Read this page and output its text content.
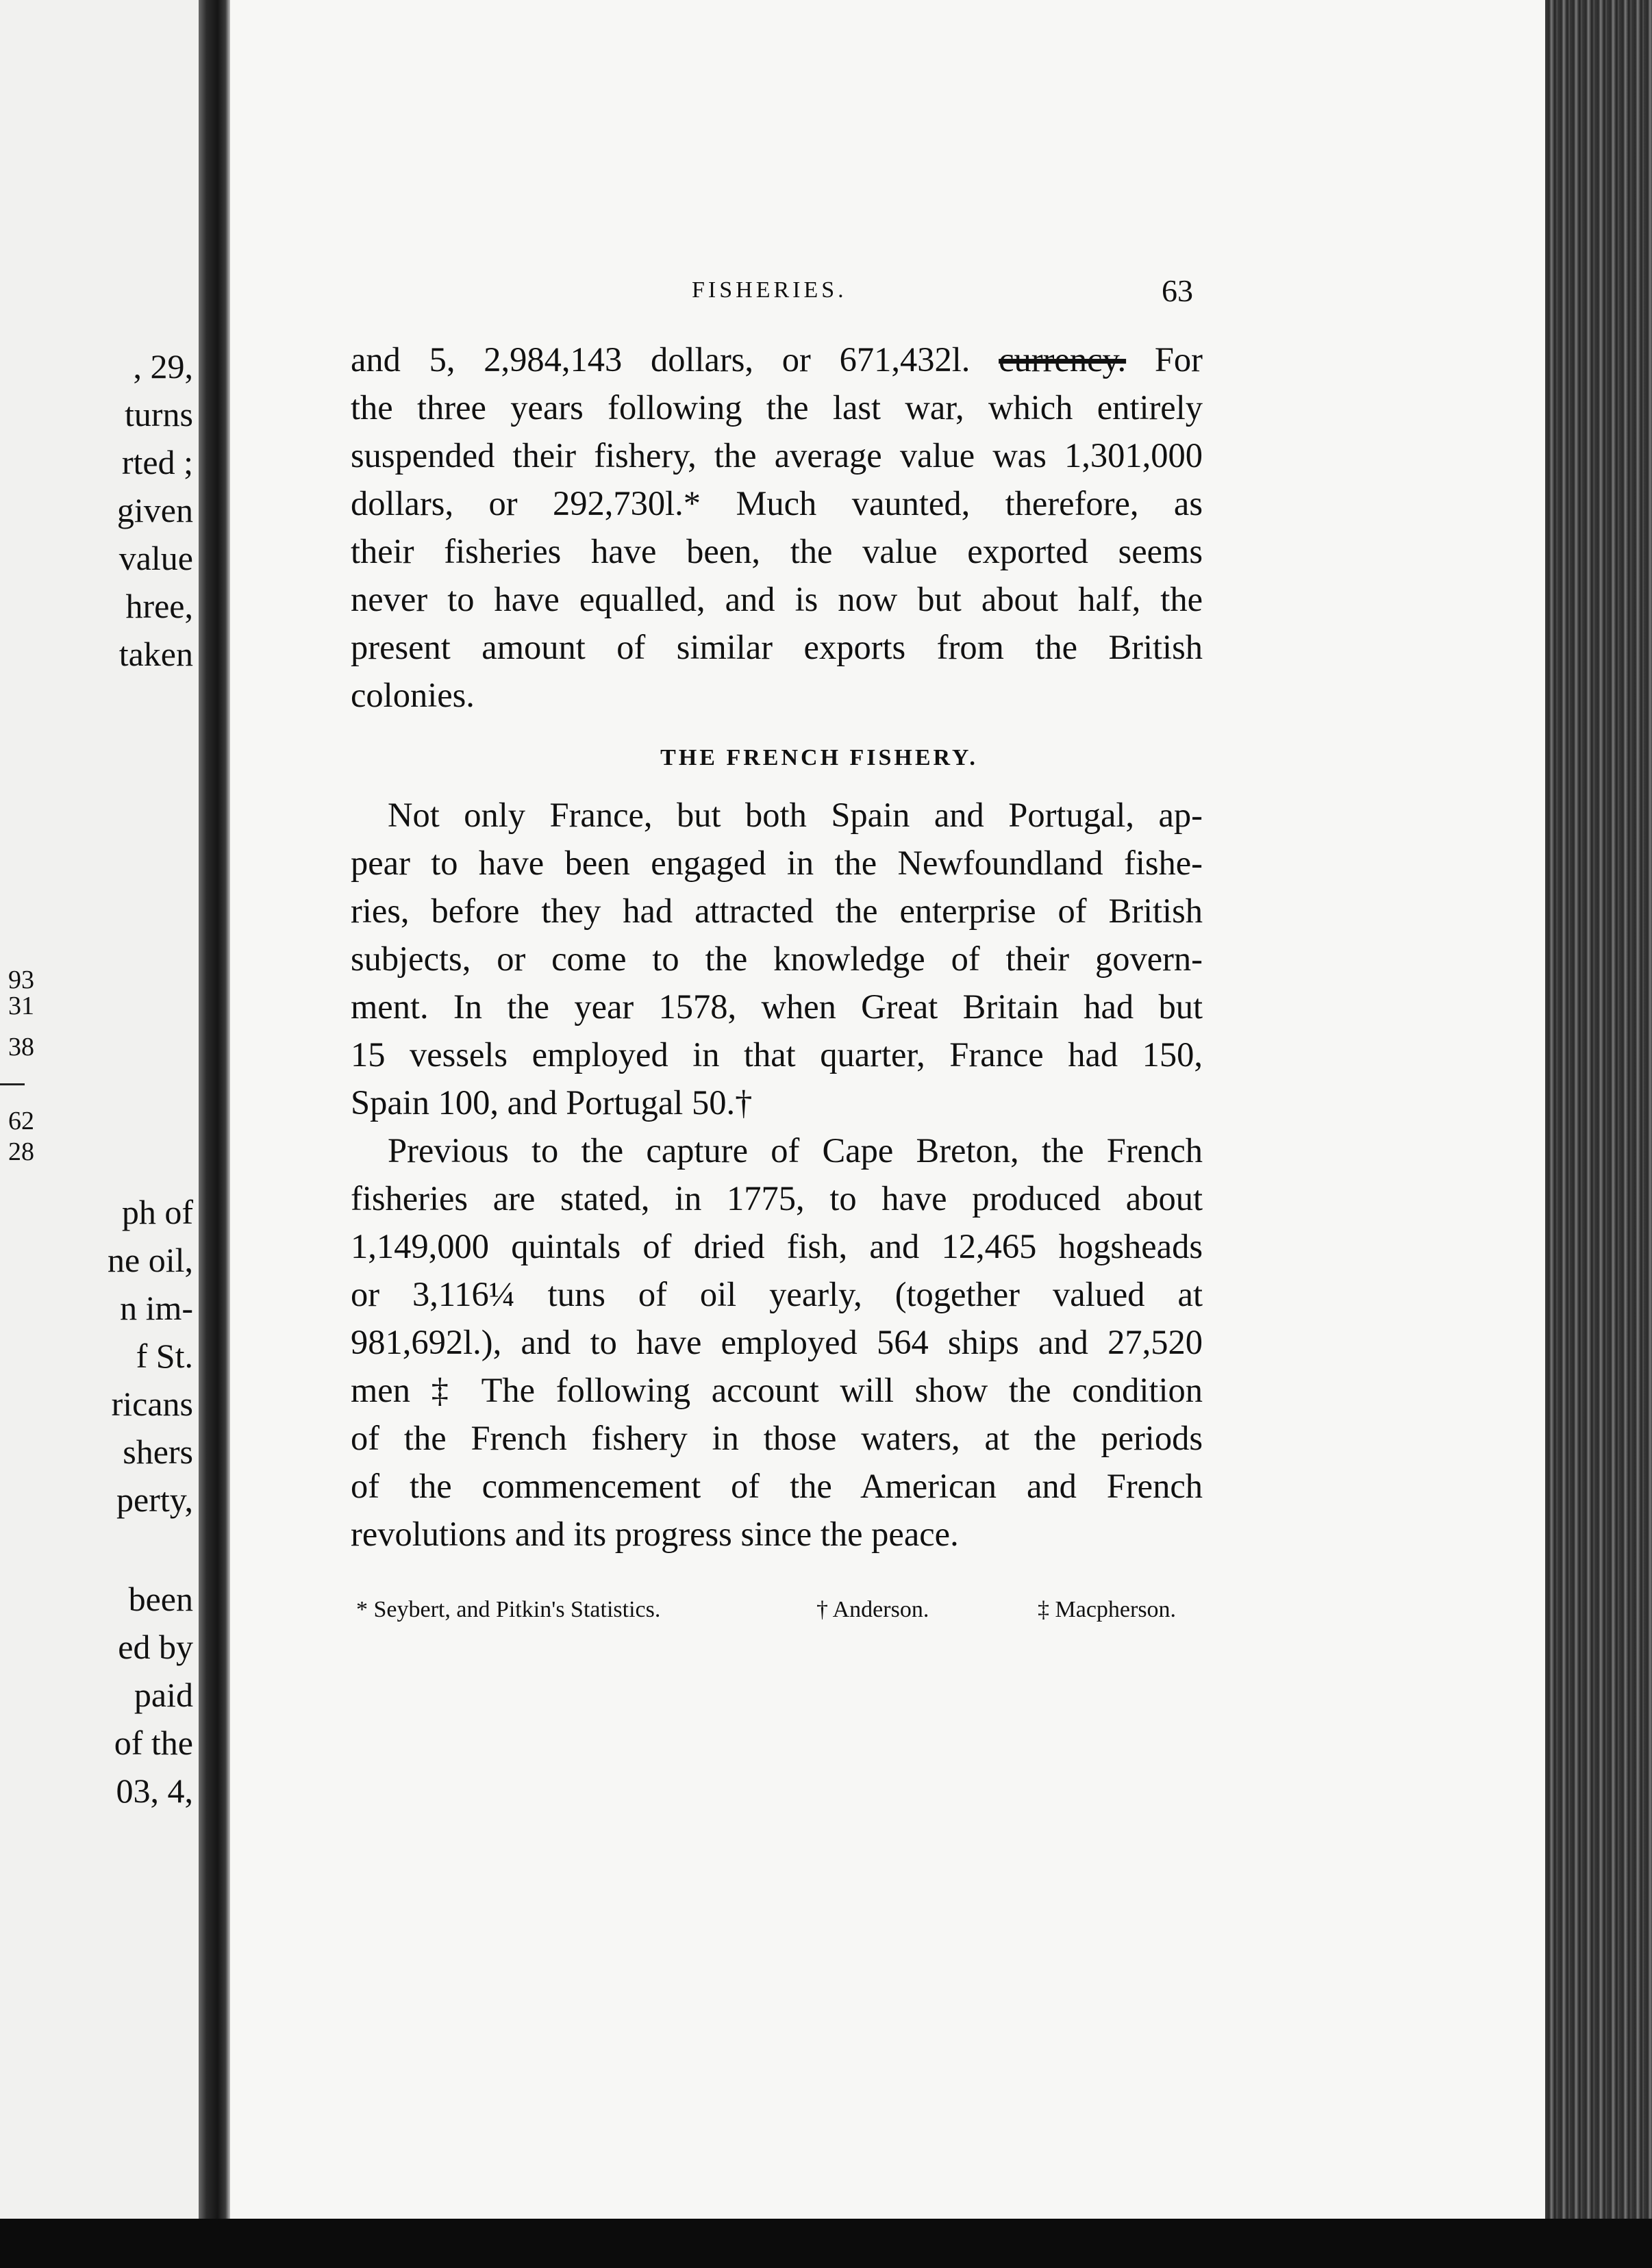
, 29,
turns
rted ;
given
value
hree,
taken
93
31
38
62
28
ph of
ne oil,
n im-
f St.
ricans
shers
perty,
been
ed by
paid
of the
03, 4,
FISHERIES.	63
and 5, 2,984,143 dollars, or 671,432l. currency. For
the three years following the last war, which entirely
suspended their fishery, the average value was 1,301,000
dollars, or 292,730l.* Much vaunted, therefore, as
their fisheries have been, the value exported seems
never to have equalled, and is now but about half, the
present amount of similar exports from the British
colonies.
THE FRENCH FISHERY.
Not only France, but both Spain and Portugal, ap-
pear to have been engaged in the Newfoundland fishe-
ries, before they had attracted the enterprise of British
subjects, or come to the knowledge of their govern-
ment. In the year 1578, when Great Britain had but
15 vessels employed in that quarter, France had 150,
Spain 100, and Portugal 50.†
Previous to the capture of Cape Breton, the French
fisheries are stated, in 1775, to have produced about
1,149,000 quintals of dried fish, and 12,465 hogsheads
or 3,116¼ tuns of oil yearly, (together valued at
981,692l.), and to have employed 564 ships and 27,520
men ‡ The following account will show the condition
of the French fishery in those waters, at the periods
of the commencement of the American and French
revolutions and its progress since the peace.
* Seybert, and Pitkin's Statistics.	† Anderson.	‡ Macpherson.
